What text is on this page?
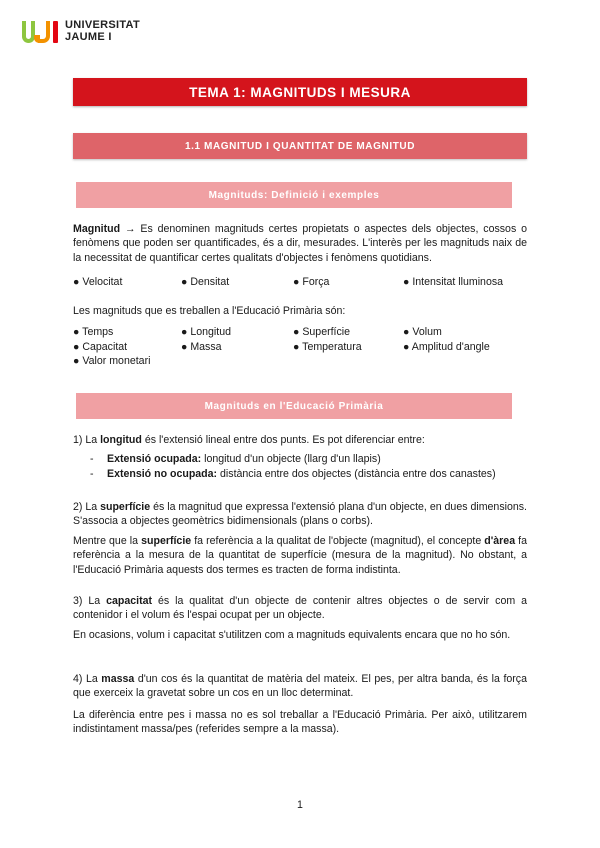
UNIVERSITAT
JAUME I
TEMA 1: MAGNITUDS I MESURA
1.1 MAGNITUD I QUANTITAT DE MAGNITUD
Magnituds: Definició i exemples

Magnitud → Es denominen magnituds certes propietats o aspectes dels objectes, cossos o fenòmens que poden ser quantificades, és a dir, mesurades. L'interès per les magnituds naix de la necessitat de quantificar certes qualitats d'objectes i fenòmens quotidians.

● Velocitat	● Densitat	● Força	● Intensitat lluminosa

Les magnituds que es treballen a l'Educació Primària són:

● Temps	● Longitud	● Superfície	● Volum
● Capacitat	● Massa	● Temperatura	● Amplitud d'angle
● Valor monetari
Magnituds en l'Educació Primària

1) La longitud és l'extensió lineal entre dos punts. Es pot diferenciar entre:

- Extensió ocupada: longitud d'un objecte (llarg d'un llapis)
- Extensió no ocupada: distància entre dos objectes (distància entre dos canastes)

2) La superfície és la magnitud que expressa l'extensió plana d'un objecte, en dues dimensions. S'associa a objectes geomètrics bidimensionals (plans o corbs).

Mentre que la superfície fa referència a la qualitat de l'objecte (magnitud), el concepte d'àrea fa referència a la mesura de la quantitat de superfície (mesura de la magnitud). No obstant, a l'Educació Primària aquests dos termes es tracten de forma indistinta.

3) La capacitat és la qualitat d'un objecte de contenir altres objectes o de servir com a contenidor i el volum és l'espai ocupat per un objecte.

En ocasions, volum i capacitat s'utilitzen com a magnituds equivalents encara que no ho són.

4) La massa d'un cos és la quantitat de matèria del mateix. El pes, per altra banda, és la força que exerceix la gravetat sobre un cos en un lloc determinat.

La diferència entre pes i massa no es sol treballar a l'Educació Primària. Per això, utilitzarem indistintament massa/pes (referides sempre a la massa).

1
